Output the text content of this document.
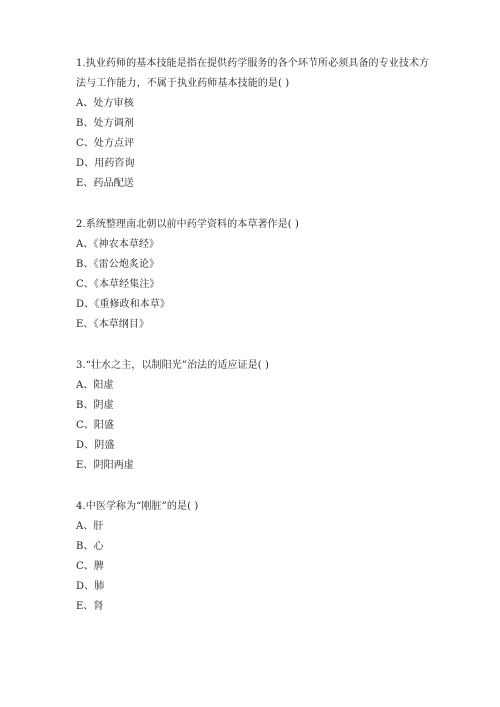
1.执业药师的基本技能是指在提供药学服务的各个环节所必须具备的专业技术方法与工作能力，不属于执业药师基本技能的是( )

A、处方审核

B、处方调剂

C、处方点评

D、用药咨询

E、药品配送

2.系统整理南北朝以前中药学资料的本草著作是( )

A、《神农本草经》

B、《雷公炮炙论》

C、《本草经集注》

D、《重修政和本草》

E、《本草纲目》

3.“壮水之主，以制阳光”治法的适应证是( )

A、阳虚

B、阴虚

C、阳盛

D、阴盛

E、阴阳两虚

4.中医学称为“刚脏”的是( )

A、肝

B、心

C、脾

D、肺

E、肾
